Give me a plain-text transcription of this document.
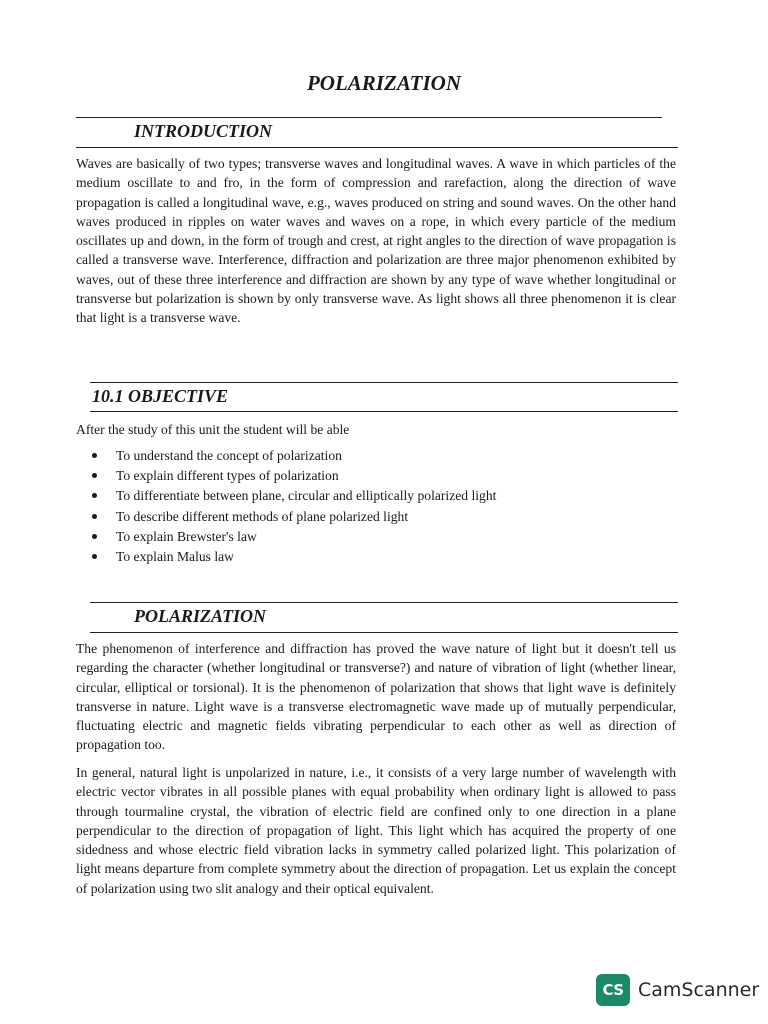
POLARIZATION
INTRODUCTION

Waves are basically of two types; transverse waves and longitudinal waves. A wave in which particles of the medium oscillate to and fro, in the form of compression and rarefaction, along the direction of wave propagation is called a longitudinal wave, e.g., waves produced on string and sound waves. On the other hand waves produced in ripples on water waves and waves on a rope, in which every particle of the medium oscillates up and down, in the form of trough and crest, at right angles to the direction of wave propagation is called a transverse wave. Interference, diffraction and polarization are three major phenomenon exhibited by waves, out of these three interference and diffraction are shown by any type of wave whether longitudinal or transverse but polarization is shown by only transverse wave. As light shows all three phenomenon it is clear that light is a transverse wave.

10.1 OBJECTIVE
After the study of this unit the student will be able
To understand the concept of polarization
To explain different types of polarization
To differentiate between plane, circular and elliptically polarized light
To describe different methods of plane polarized light
To explain Brewster's law
To explain Malus law
POLARIZATION

The phenomenon of interference and diffraction has proved the wave nature of light but it doesn't tell us regarding the character (whether longitudinal or transverse?) and nature of vibration of light (whether linear, circular, elliptical or torsional). It is the phenomenon of polarization that shows that light wave is definitely transverse in nature. Light wave is a transverse electromagnetic wave made up of mutually perpendicular, fluctuating electric and magnetic fields vibrating perpendicular to each other as well as direction of propagation too.

In general, natural light is unpolarized in nature, i.e., it consists of a very large number of wavelength with electric vector vibrates in all possible planes with equal probability when ordinary light is allowed to pass through tourmaline crystal, the vibration of electric field are confined only to one direction in a plane perpendicular to the direction of propagation of light. This light which has acquired the property of one sidedness and whose electric field vibration lacks in symmetry called polarized light. This polarization of light means departure from complete symmetry about the direction of propagation. Let us explain the concept of polarization using two slit analogy and their optical equivalent.

CS CamScanner
